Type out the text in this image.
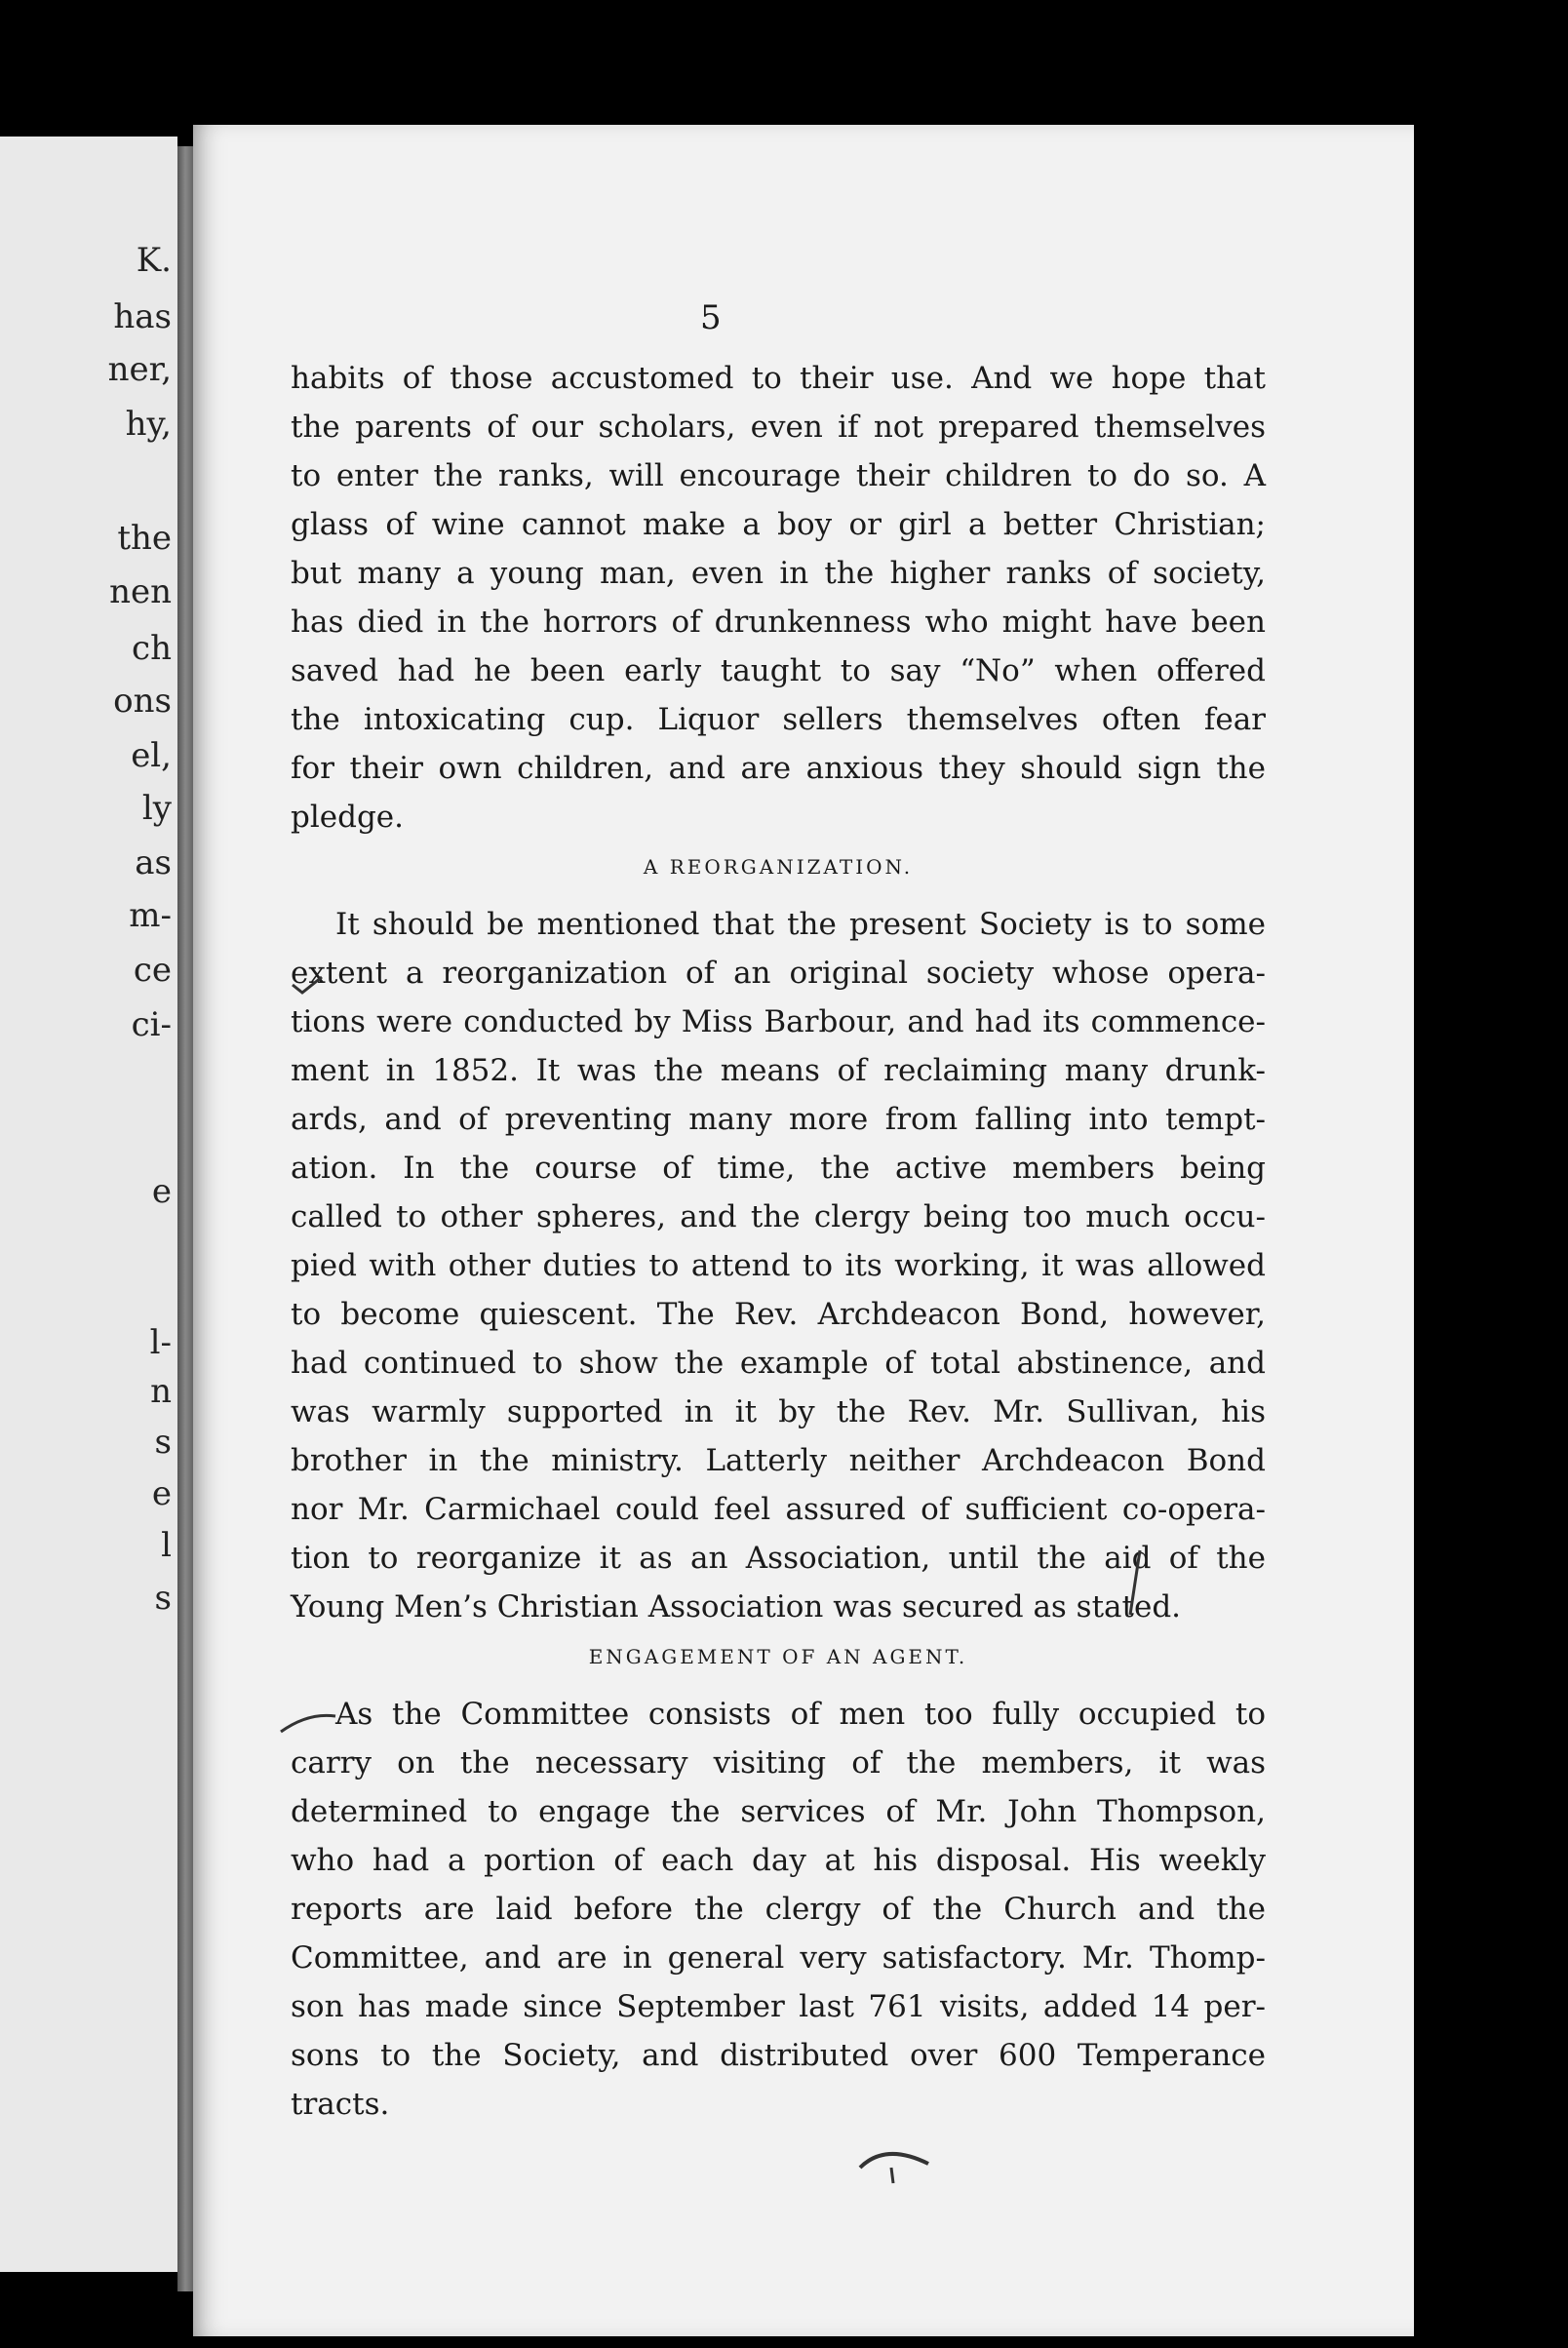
K.
has
ner,
hy,
the
nen
ch
ons
el,
ly
as
m-
ce
ci-
e
l-
n
s
e
l
s
5
habits of those accustomed to their use. And we hope that
the parents of our scholars, even if not prepared themselves
to enter the ranks, will encourage their children to do so. A
glass of wine cannot make a boy or girl a better Christian;
but many a young man, even in the higher ranks of society,
has died in the horrors of drunkenness who might have been
saved had he been early taught to say “No” when offered
the intoxicating cup. Liquor sellers themselves often fear
for their own children, and are anxious they should sign the
pledge.
A REORGANIZATION.
It should be mentioned that the present Society is to some
extent a reorganization of an original society whose opera-
tions were conducted by Miss Barbour, and had its commence-
ment in 1852. It was the means of reclaiming many drunk-
ards, and of preventing many more from falling into tempt-
ation. In the course of time, the active members being
called to other spheres, and the clergy being too much occu-
pied with other duties to attend to its working, it was allowed
to become quiescent. The Rev. Archdeacon Bond, however,
had continued to show the example of total abstinence, and
was warmly supported in it by the Rev. Mr. Sullivan, his
brother in the ministry. Latterly neither Archdeacon Bond
nor Mr. Carmichael could feel assured of sufficient co-opera-
tion to reorganize it as an Association, until the aid of the
Young Men’s Christian Association was secured as stated.
ENGAGEMENT OF AN AGENT.
As the Committee consists of men too fully occupied to
carry on the necessary visiting of the members, it was
determined to engage the services of Mr. John Thompson,
who had a portion of each day at his disposal. His weekly
reports are laid before the clergy of the Church and the
Committee, and are in general very satisfactory. Mr. Thomp-
son has made since September last 761 visits, added 14 per-
sons to the Society, and distributed over 600 Temperance
tracts.
